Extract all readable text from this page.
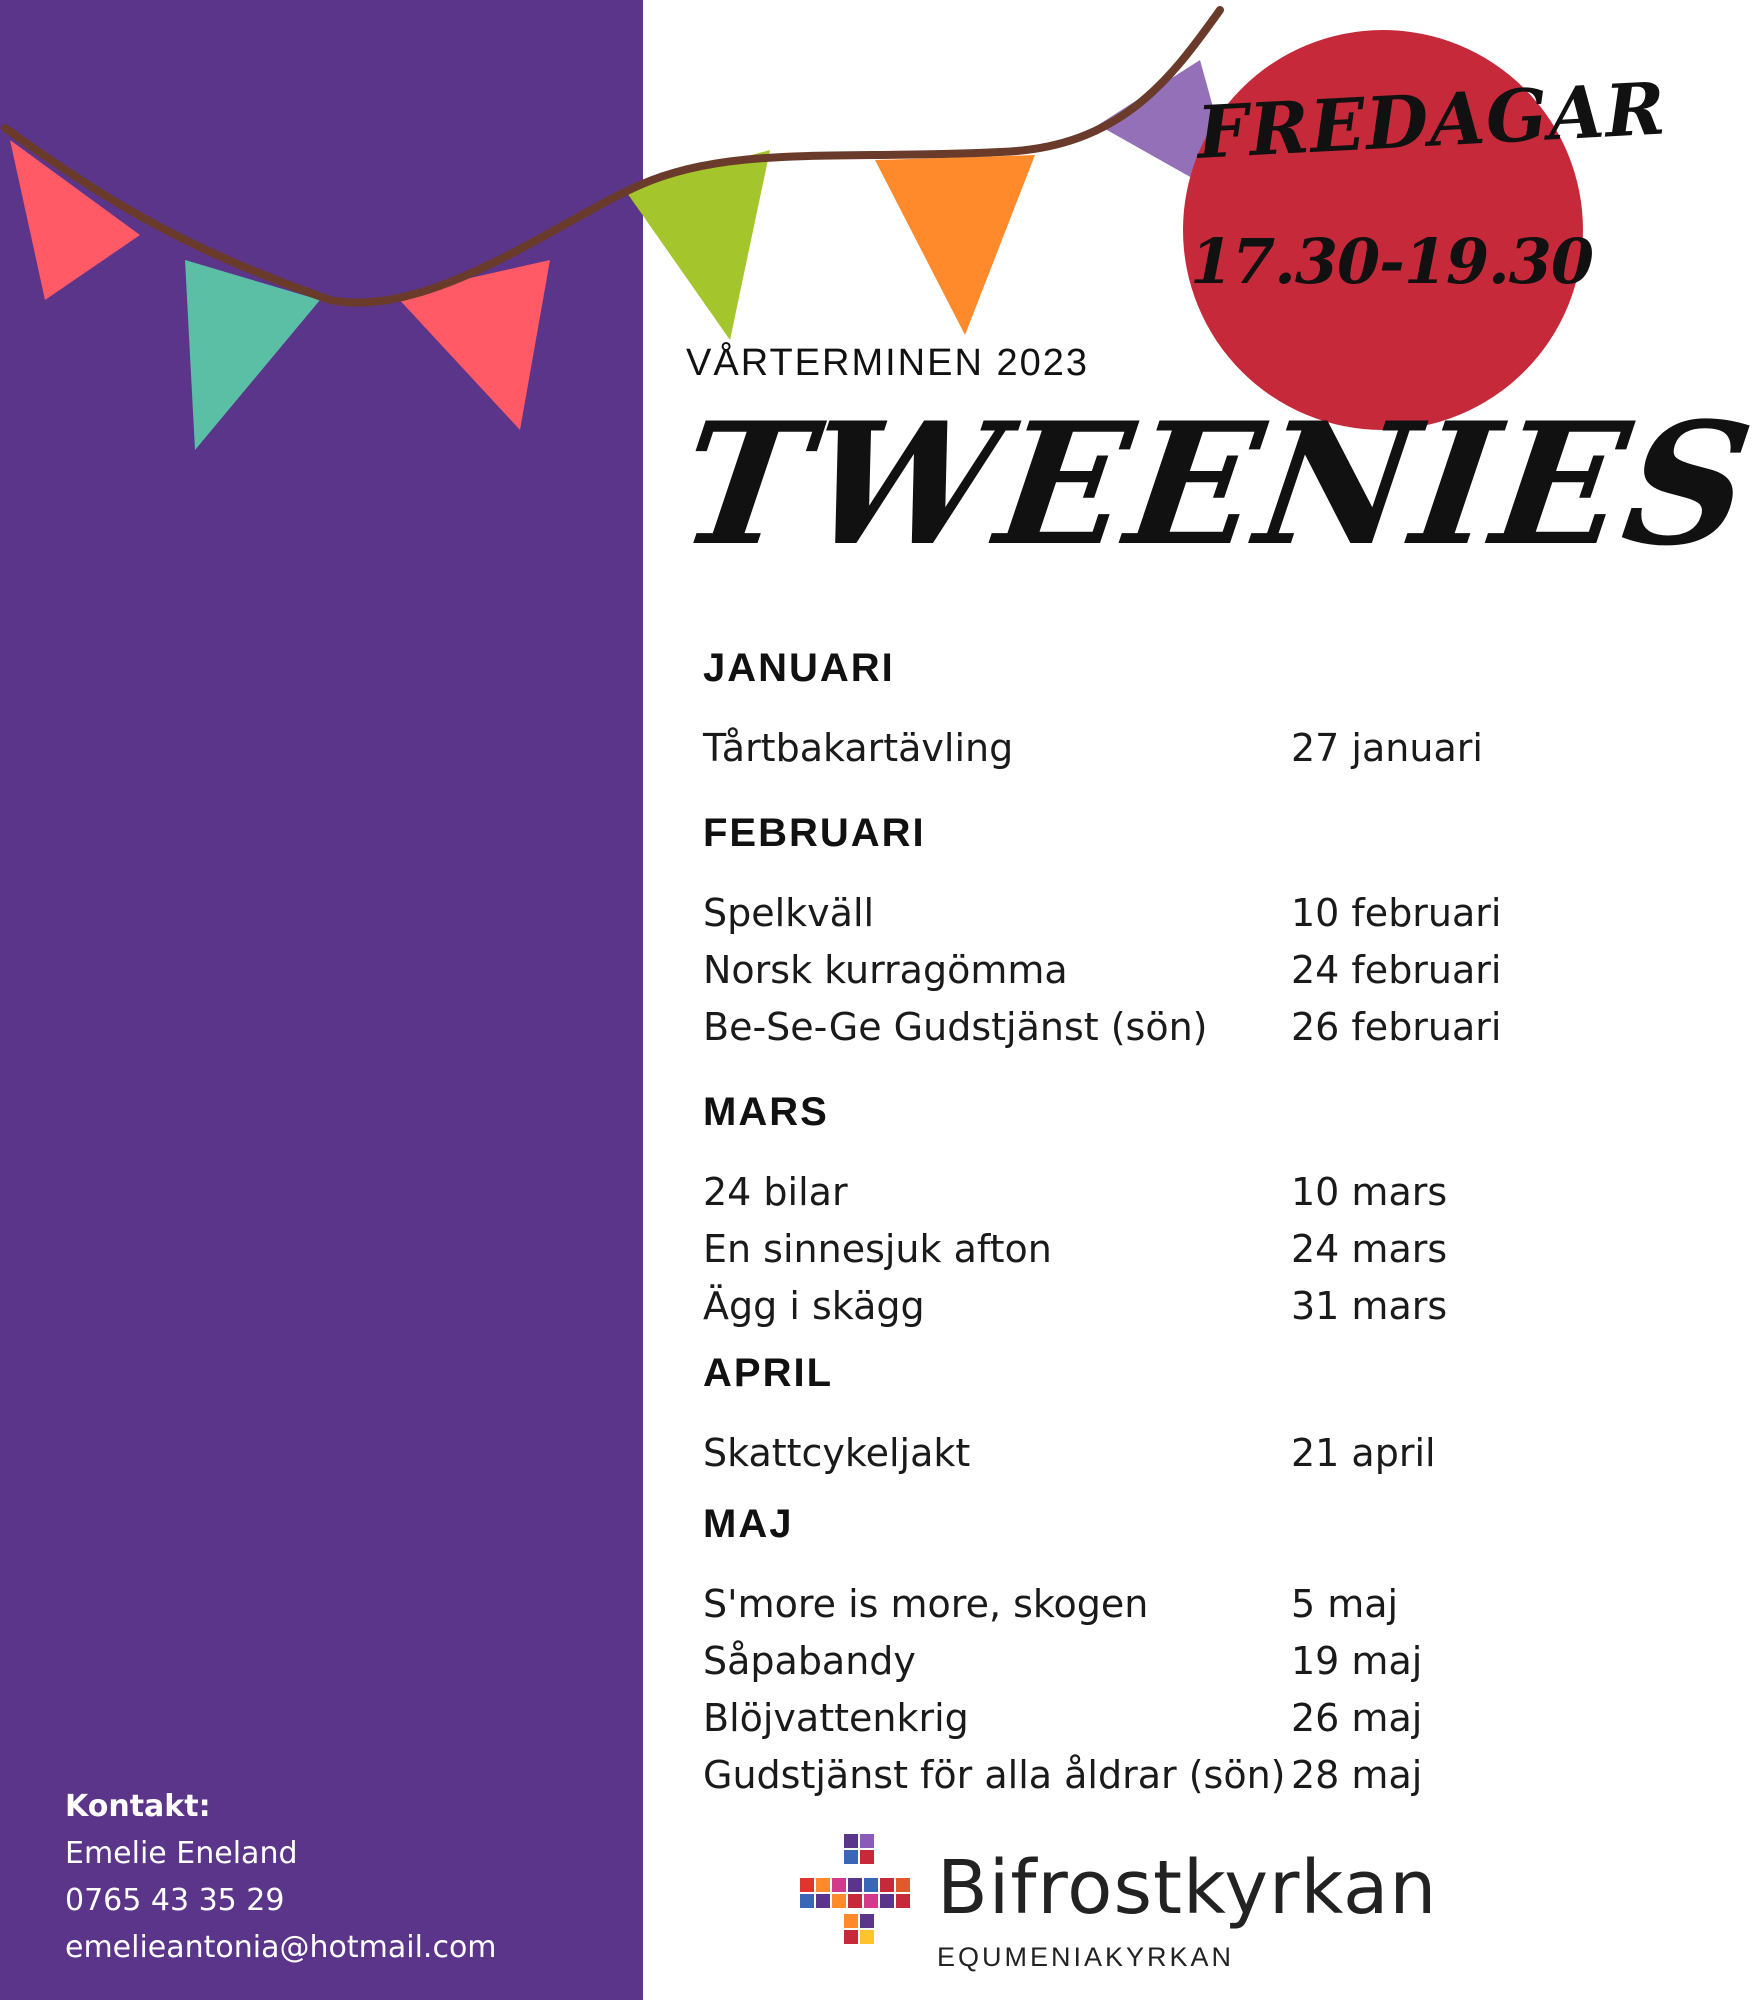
FREDAGAR
17.30-19.30
VÅRTERMINEN 2023
TWEENIES
JANUARI
Tårtbakartävling	27 januari
FEBRUARI
Spelkväll	10 februari
Norsk kurragömma	24 februari
Be-Se-Ge Gudstjänst (sön)	26 februari
MARS
24 bilar	10 mars
En sinnesjuk afton	24 mars
Ägg i skägg	31 mars
APRIL
Skattcykeljakt	21 april
MAJ
S'more is more, skogen	5 maj
Såpabandy	19 maj
Blöjvattenkrig	26 maj
Gudstjänst för alla åldrar (sön) 28 maj
Kontakt:
Emelie Eneland
0765 43 35 29
emelieantonia@hotmail.com
Bifrostkyrkan
EQUMENIAKYRKAN
